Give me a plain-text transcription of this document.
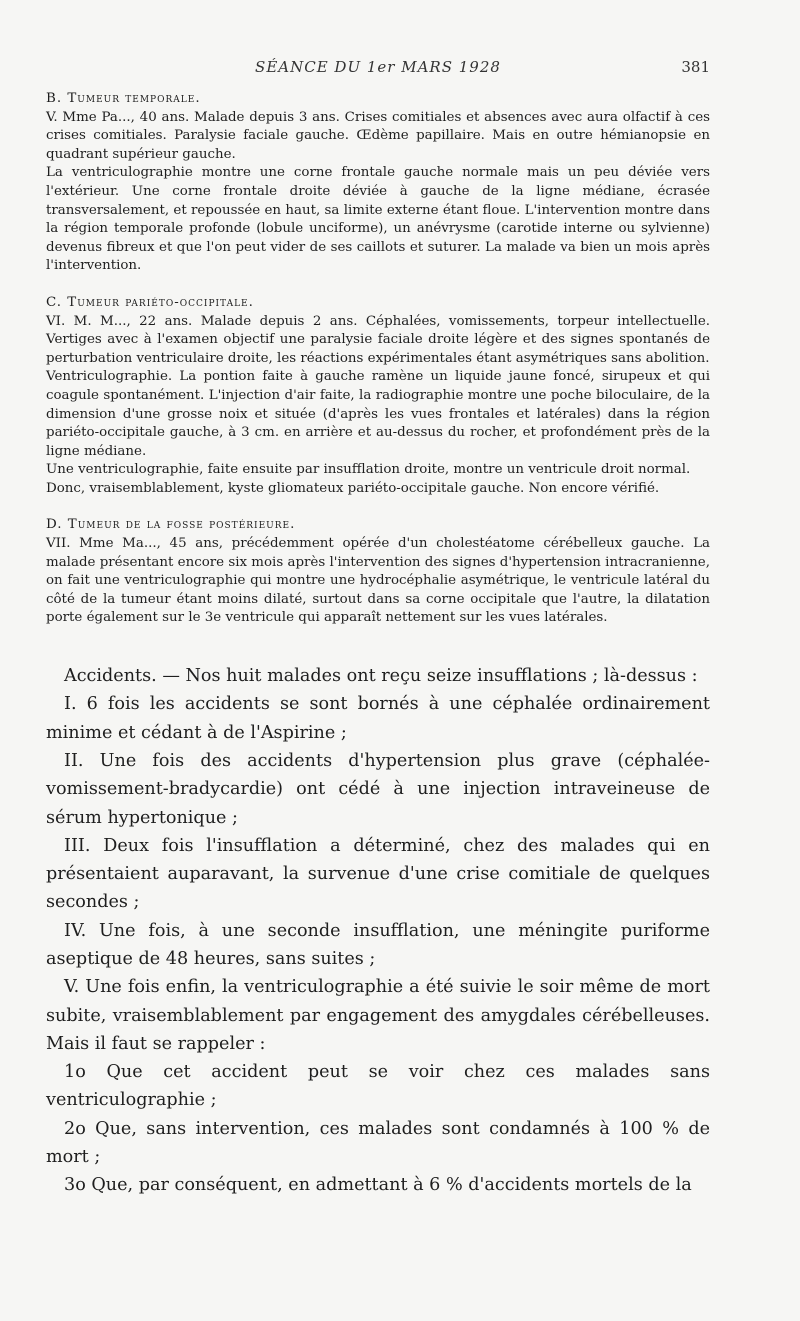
SÉANCE DU 1er MARS 1928	381
B. Tumeur temporale.

V. Mme Pa..., 40 ans. Malade depuis 3 ans. Crises comitiales et absences avec aura olfactif à ces crises comitiales. Paralysie faciale gauche. Œdème papillaire. Mais en outre hémianopsie en quadrant supérieur gauche.

La ventriculographie montre une corne frontale gauche normale mais un peu déviée vers l'extérieur. Une corne frontale droite déviée à gauche de la ligne médiane, écrasée transversalement, et repoussée en haut, sa limite externe étant floue. L'intervention montre dans la région temporale profonde (lobule unciforme), un anévrysme (carotide interne ou sylvienne) devenus fibreux et que l'on peut vider de ses caillots et suturer. La malade va bien un mois après l'intervention.

C. Tumeur pariéto-occipitale.

VI. M. M..., 22 ans. Malade depuis 2 ans. Céphalées, vomissements, torpeur intellectuelle. Vertiges avec à l'examen objectif une paralysie faciale droite légère et des signes spontanés de perturbation ventriculaire droite, les réactions expérimentales étant asymétriques sans abolition.

Ventriculographie. La pontion faite à gauche ramène un liquide jaune foncé, sirupeux et qui coagule spontanément. L'injection d'air faite, la radiographie montre une poche biloculaire, de la dimension d'une grosse noix et située (d'après les vues frontales et latérales) dans la région pariéto-occipitale gauche, à 3 cm. en arrière et au-dessus du rocher, et profondément près de la ligne médiane.

Une ventriculographie, faite ensuite par insufflation droite, montre un ventricule droit normal.

Donc, vraisemblablement, kyste gliomateux pariéto-occipitale gauche. Non encore vérifié.

D. Tumeur de la fosse postérieure.

VII. Mme Ma..., 45 ans, précédemment opérée d'un cholestéatome cérébelleux gauche. La malade présentant encore six mois après l'intervention des signes d'hypertension intracranienne, on fait une ventriculographie qui montre une hydrocéphalie asymétrique, le ventricule latéral du côté de la tumeur étant moins dilaté, surtout dans sa corne occipitale que l'autre, la dilatation porte également sur le 3e ventricule qui apparaît nettement sur les vues latérales.

Accidents. — Nos huit malades ont reçu seize insufflations ; là-dessus :

I. 6 fois les accidents se sont bornés à une céphalée ordinairement minime et cédant à de l'Aspirine ;

II. Une fois des accidents d'hypertension plus grave (céphalée-vomissement-bradycardie) ont cédé à une injection intraveineuse de sérum hypertonique ;

III. Deux fois l'insufflation a déterminé, chez des malades qui en présentaient auparavant, la survenue d'une crise comitiale de quelques secondes ;

IV. Une fois, à une seconde insufflation, une méningite puriforme aseptique de 48 heures, sans suites ;

V. Une fois enfin, la ventriculographie a été suivie le soir même de mort subite, vraisemblablement par engagement des amygdales cérébelleuses. Mais il faut se rappeler :

1o Que cet accident peut se voir chez ces malades sans ventriculographie ;

2o Que, sans intervention, ces malades sont condamnés à 100 % de mort ;

3o Que, par conséquent, en admettant à 6 % d'accidents mortels de la
